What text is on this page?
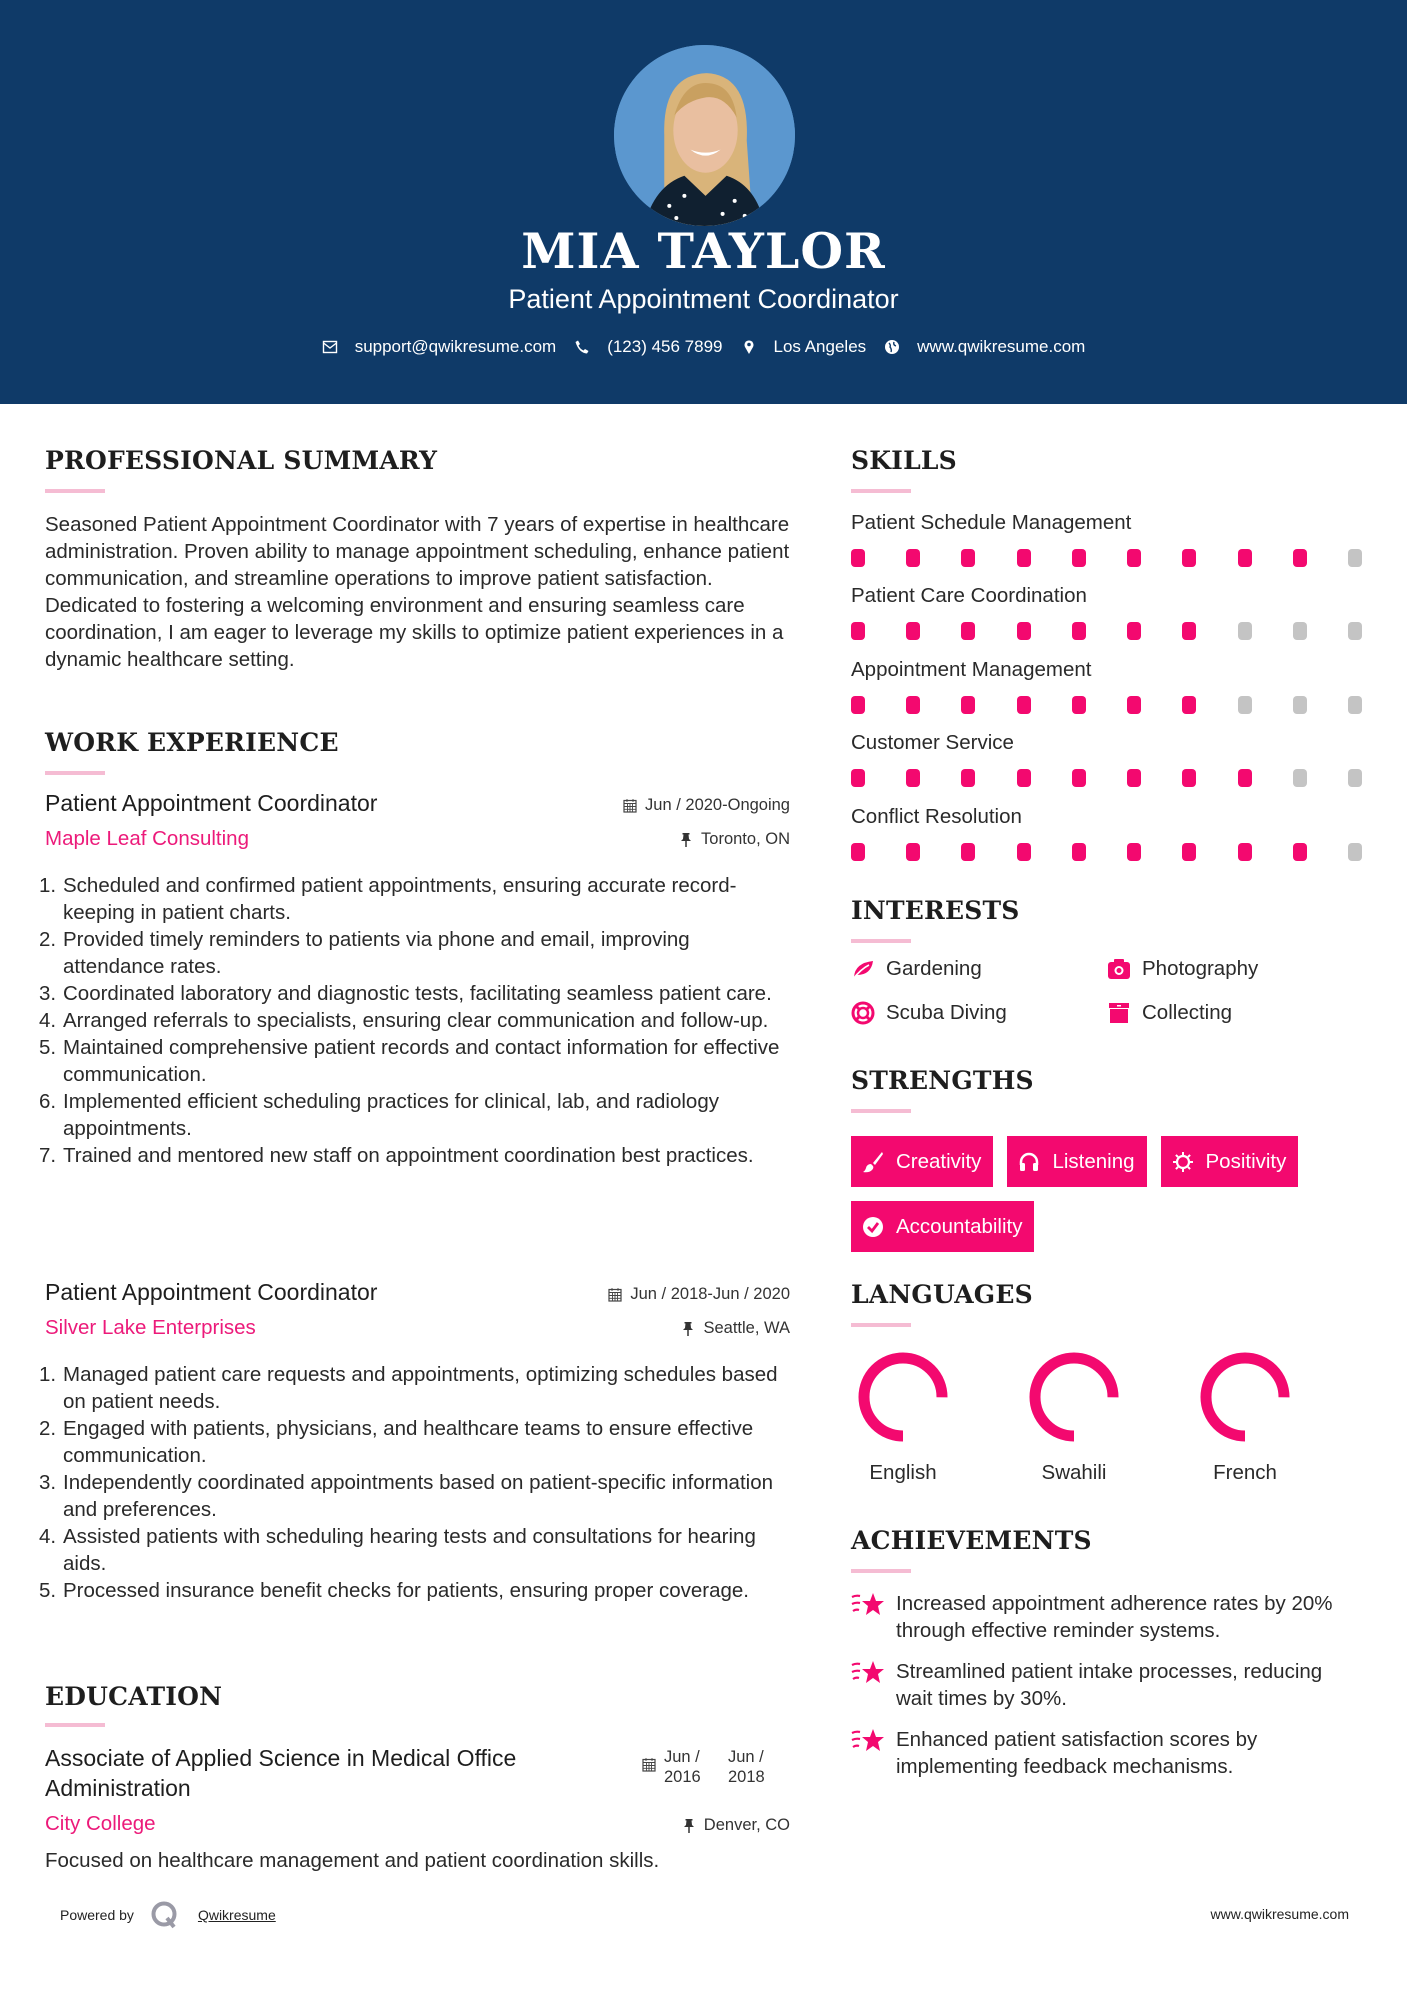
MIA TAYLOR
Patient Appointment Coordinator
support@qwikresume.com	(123) 456 7899	Los Angeles	www.qwikresume.com
PROFESSIONAL SUMMARY
Seasoned Patient Appointment Coordinator with 7 years of expertise in healthcare administration. Proven ability to manage appointment scheduling, enhance patient communication, and streamline operations to improve patient satisfaction. Dedicated to fostering a welcoming environment and ensuring seamless care coordination, I am eager to leverage my skills to optimize patient experiences in a dynamic healthcare setting.
WORK EXPERIENCE
Patient Appointment Coordinator
Maple Leaf Consulting
Jun / 2020-Ongoing
Toronto, ON
1. Scheduled and confirmed patient appointments, ensuring accurate record-keeping in patient charts.
2. Provided timely reminders to patients via phone and email, improving attendance rates.
3. Coordinated laboratory and diagnostic tests, facilitating seamless patient care.
4. Arranged referrals to specialists, ensuring clear communication and follow-up.
5. Maintained comprehensive patient records and contact information for effective communication.
6. Implemented efficient scheduling practices for clinical, lab, and radiology appointments.
7. Trained and mentored new staff on appointment coordination best practices.
Patient Appointment Coordinator
Silver Lake Enterprises
Jun / 2018-Jun / 2020
Seattle, WA
1. Managed patient care requests and appointments, optimizing schedules based on patient needs.
2. Engaged with patients, physicians, and healthcare teams to ensure effective communication.
3. Independently coordinated appointments based on patient-specific information and preferences.
4. Assisted patients with scheduling hearing tests and consultations for hearing aids.
5. Processed insurance benefit checks for patients, ensuring proper coverage.
EDUCATION
Associate of Applied Science in Medical Office Administration
Jun /
2016
Jun /
2018
City College	Denver, CO
Focused on healthcare management and patient coordination skills.
Powered by	Qwikresume	www.qwikresume.com
SKILLS
Patient Schedule Management
Patient Care Coordination
Appointment Management
Customer Service
Conflict Resolution
INTERESTS
Gardening	Photography
Scuba Diving	Collecting
STRENGTHS
Creativity	Listening	Positivity
Accountability
LANGUAGES
English	Swahili	French
ACHIEVEMENTS
Increased appointment adherence rates by 20% through effective reminder systems.
Streamlined patient intake processes, reducing wait times by 30%.
Enhanced patient satisfaction scores by implementing feedback mechanisms.
